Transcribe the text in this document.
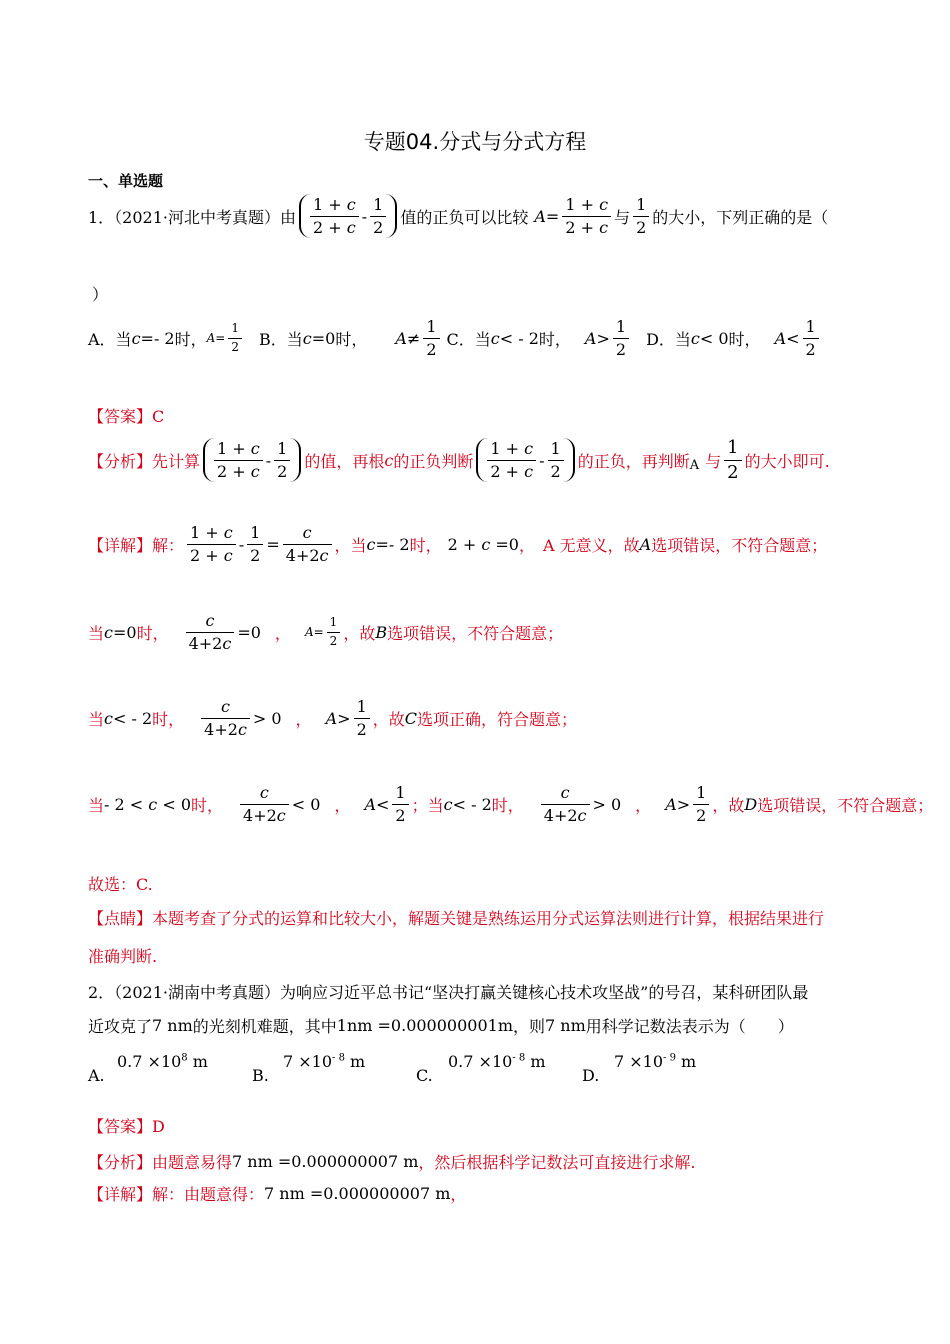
专题04.分式与分式方程
一、单选题
1．（2021·河北中考真题）由 $\frac{1 + c}{2 + c} - \frac{1}{2}$ 值的正负可以比较 $A = \frac{1 + c}{2 + c}$ 与 $\frac{1}{2}$ 的大小，下列正确的是（
）
A．当 c =- 2 时， $A = \frac{1}{2}$ B．当 c =0 时， $A \ne \frac{1}{2}$ C．当 c < - 2 时， $A > \frac{1}{2}$ D．当 c < 0 时， $A < \frac{1}{2}$
【答案】C
【分析】 先计算 $\frac{1 + c}{2 + c} - \frac{1}{2}$ 的值，再根 c 的正负判断 $\frac{1 + c}{2 + c} - \frac{1}{2}$ 的正负，再判断 A 与 $\frac{1}{2}$ 的大小即可.
【详解】 解： $\frac{1 + c}{2 + c} - \frac{1}{2} = \frac{c}{4+2c}$ ，当 c =- 2 时， 2 + c =0 ， A 无意义，故 A 选项错误，不符合题意；
当 c =0 时， $\frac{c}{4+2c} =0$ ， $A = \frac{1}{2}$ ，故 B 选项错误，不符合题意；
当 c < - 2 时， $\frac{c}{4+2c} > 0$ ， $A > \frac{1}{2}$ ，故 C 选项正确，符合题意；
当 - 2 < c < 0 时， $\frac{c}{4+2c} < 0$ ， $A < \frac{1}{2}$ ；当 c < - 2 时， $\frac{c}{4+2c} > 0$ ， $A > \frac{1}{2}$ ，故 D 选项错误，不符合题意；
故选：C.
【点睛】本题考查了分式的运算和比较大小，解题关键是熟练运用分式运算法则进行计算，根据结果进行
准确判断.
2．（2021·湖南中考真题）为响应习近平总书记“坚决打赢关键核心技术攻坚战”的号召，某科研团队最
近攻克了 7 nm 的光刻机难题，其中 1nm =0.000000001m ，则 7 nm 用科学记数法表示为（　　）
A.
$0.7 \times 10^8$ m
B.
$7 \times 10^{- 8}$ m
C.
$0.7 \times 10^{- 8}$ m
D.
$7 \times 10^{- 9}$ m
【答案】D
【分析】由题意易得 7 nm =0.000000007 m ，然后根据科学记数法可直接进行求解.
【详解】解：由题意得： 7 nm =0.000000007 m ，
